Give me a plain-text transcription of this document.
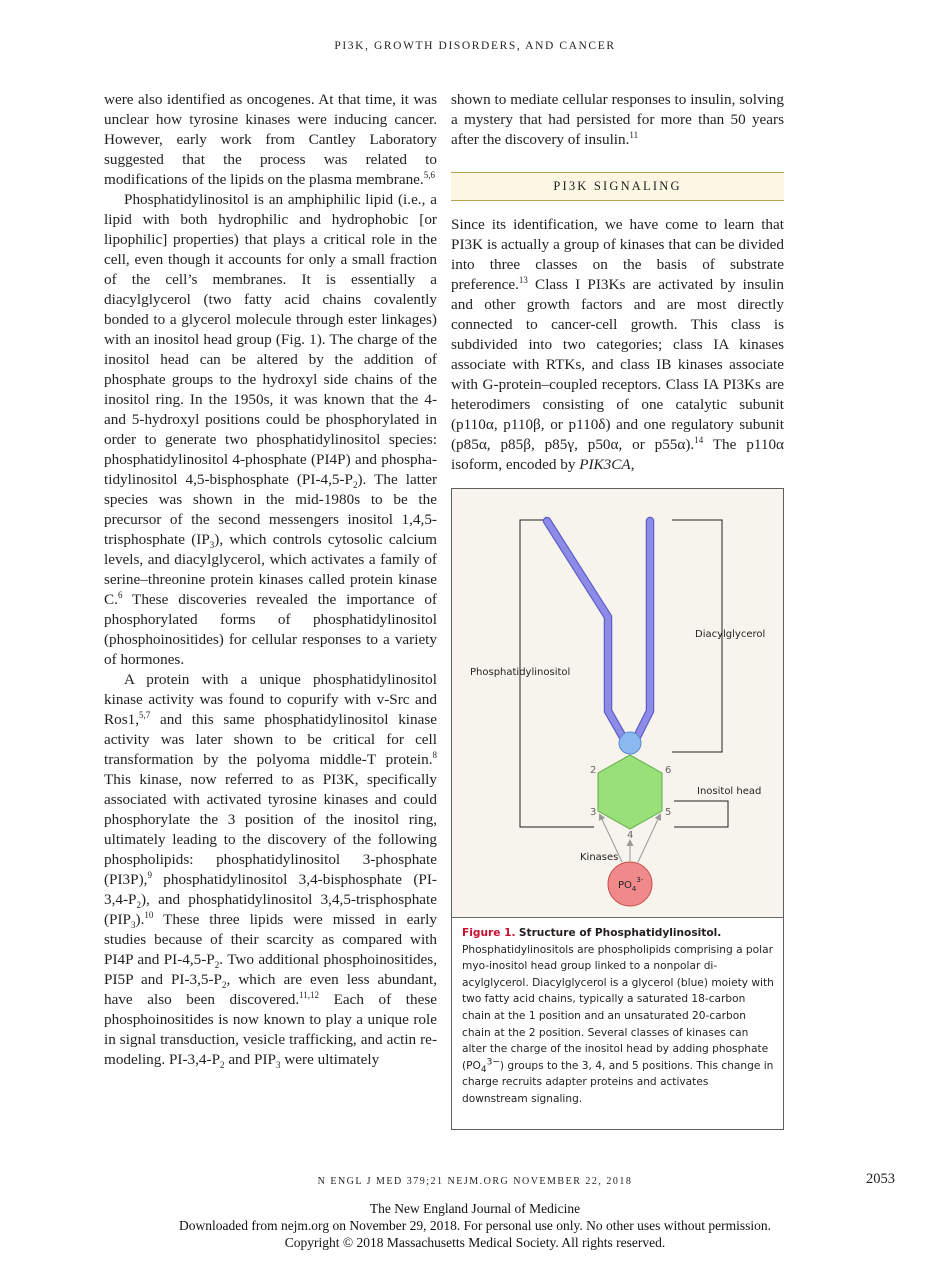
PI3K, GROWTH DISORDERS, AND CANCER

were also identified as oncogenes. At that time, it was unclear how tyrosine kinases were inducing cancer. However, early work from Cantley Laboratory suggested that the process was related to modifications of the lipids on the plasma membrane.$^{5,6}$

Phosphatidylinositol is an amphiphilic lipid (i.e., a lipid with both hydrophilic and hydrophobic [or lipophilic] properties) that plays a critical role in the cell, even though it accounts for only a small fraction of the cell’s membranes. It is essentially a diacylglycerol (two fatty acid chains covalently bonded to a glycerol molecule through ester linkages) with an inositol head group (Fig. 1). The charge of the inositol head can be altered by the addition of phosphate groups to the hydroxyl side chains of the inositol ring. In the 1950s, it was known that the 4- and 5-hydroxyl positions could be phosphorylated in order to generate two phosphatidylinositol species: phosphatidylinositol 4-phosphate (PI4P) and phosphatidylinositol 4,5-bisphosphate $(PI-4,5-P_2)$. The latter species was shown in the mid-1980s to be the precursor of the second messengers inositol 1,4,5-trisphosphate $(IP_3)$, which controls cytosolic calcium levels, and diacylglycerol, which activates a family of serine–threonine protein kinases called protein kinase C.$^6$ These discoveries revealed the importance of phosphorylated forms of phosphatidylinositol (phosphoinositides) for cellular responses to a variety of hormones.

A protein with a unique phosphatidylinositol kinase activity was found to copurify with v-Src and Ros1,$^{5,7}$ and this same phosphatidylinositol kinase activity was later shown to be critical for cell transformation by the polyoma middle-T protein.$^8$ This kinase, now referred to as PI3K, specifically associated with activated tyrosine kinases and could phosphorylate the 3 position of the inositol ring, ultimately leading to the discovery of the following phospholipids: phosphatidylinositol 3-phosphate (PI3P),$^9$ phosphatidylinositol 3,4-bisphosphate $(PI-3,4-P_2)$, and phosphatidylinositol 3,4,5-trisphosphate $(PIP_3).^{10}$ These three lipids were missed in early studies because of their scarcity as compared with PI4P and $PI-4,5-P_2$. Two additional phosphoinositides, PI5P and $PI-3,5-P_2$, which are even less abundant, have also been discovered.$^{11,12}$ Each of these phosphoinositides is now known to play a unique role in signal transduction, vesicle trafficking, and actin remodeling. $PI-3,4-P_2$ and $PIP_3$ were ultimately

shown to mediate cellular responses to insulin, solving a mystery that had persisted for more than 50 years after the discovery of insulin.$^{11}$

PI3K SIGNALING

Since its identification, we have come to learn that PI3K is actually a group of kinases that can be divided into three classes on the basis of substrate preference.$^{13}$ Class I PI3Ks are activated by insulin and other growth factors and are most directly connected to cancer-cell growth. This class is subdivided into two categories; class IA kinases associate with RTKs, and class IB kinases associate with G-protein–coupled receptors. Class IA PI3Ks are heterodimers consisting of one catalytic subunit (p110α, p110β, or p110δ) and one regulatory subunit (p85α, p85β, p85γ, p50α, or p55α).$^{14}$ The p110α isoform, encoded by PIK3CA,

2	6
3	5
4
$PO_4^{3-}$
Diacylglycerol
Phosphatidylinositol
Inositol head
Kinases

Figure 1. Structure of Phosphatidylinositol.

Phosphatidylinositols are phospholipids comprising a polar myo-inositol head group linked to a nonpolar diacylglycerol. Diacylglycerol is a glycerol (blue) moiety with two fatty acid chains, typically a saturated 18-carbon chain at the 1 position and an unsaturated 20-carbon chain at the 2 position. Several classes of kinases can alter the charge of the inositol head by adding phosphate $(PO_4^{3-})$ groups to the 3, 4, and 5 positions. This change in charge recruits adapter proteins and activates downstream signaling.

N ENGL J MED 379;21 NEJM.ORG NOVEMBER 22, 2018	2053
The New England Journal of Medicine
Downloaded from nejm.org on November 29, 2018. For personal use only. No other uses without permission.
Copyright © 2018 Massachusetts Medical Society. All rights reserved.
